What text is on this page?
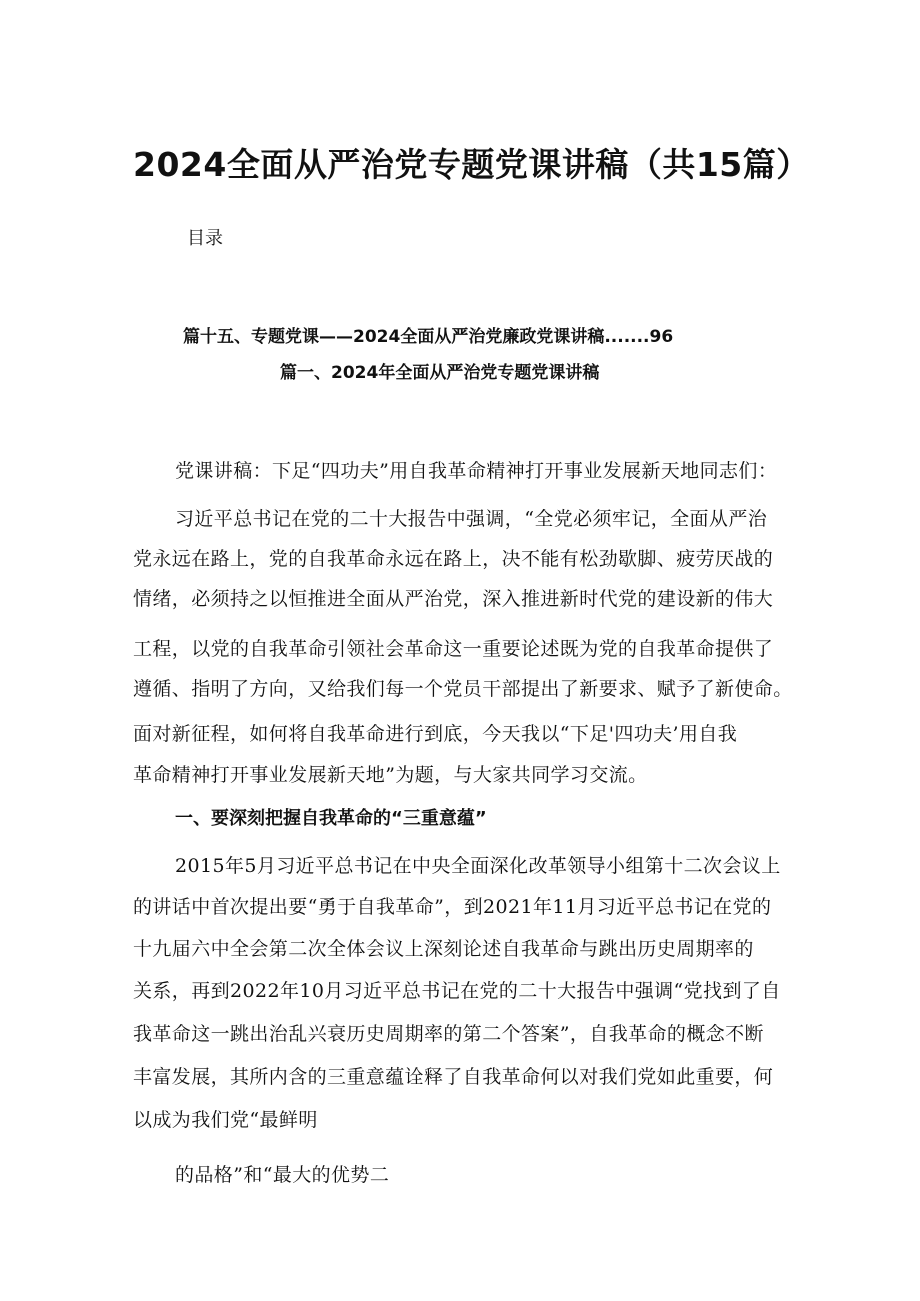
2024全面从严治党专题党课讲稿（共15篇）
目录
篇十五、专题党课——2024全面从严治党廉政党课讲稿.......96
篇一、2024年全面从严治党专题党课讲稿
党课讲稿：下足“四功夫”用自我革命精神打开事业发展新天地同志们：
习近平总书记在党的二十大报告中强调，“全党必须牢记，全面从严治
党永远在路上，党的自我革命永远在路上，决不能有松劲歇脚、疲劳厌战的
情绪，必须持之以恒推进全面从严治党，深入推进新时代党的建设新的伟大
工程，以党的自我革命引领社会革命这一重要论述既为党的自我革命提供了
遵循、指明了方向，又给我们每一个党员干部提出了新要求、赋予了新使命。
面对新征程，如何将自我革命进行到底，今天我以“下足'四功夫’用自我
革命精神打开事业发展新天地”为题，与大家共同学习交流。
一、要深刻把握自我革命的“三重意蕴”
2015年5月习近平总书记在中央全面深化改革领导小组第十二次会议上
的讲话中首次提出要“勇于自我革命”，到2021年11月习近平总书记在党的
十九届六中全会第二次全体会议上深刻论述自我革命与跳出历史周期率的
关系，再到2022年10月习近平总书记在党的二十大报告中强调“党找到了自
我革命这一跳出治乱兴衰历史周期率的第二个答案”，自我革命的概念不断
丰富发展，其所内含的三重意蕴诠释了自我革命何以对我们党如此重要，何
以成为我们党“最鲜明
的品格”和“最大的优势二
